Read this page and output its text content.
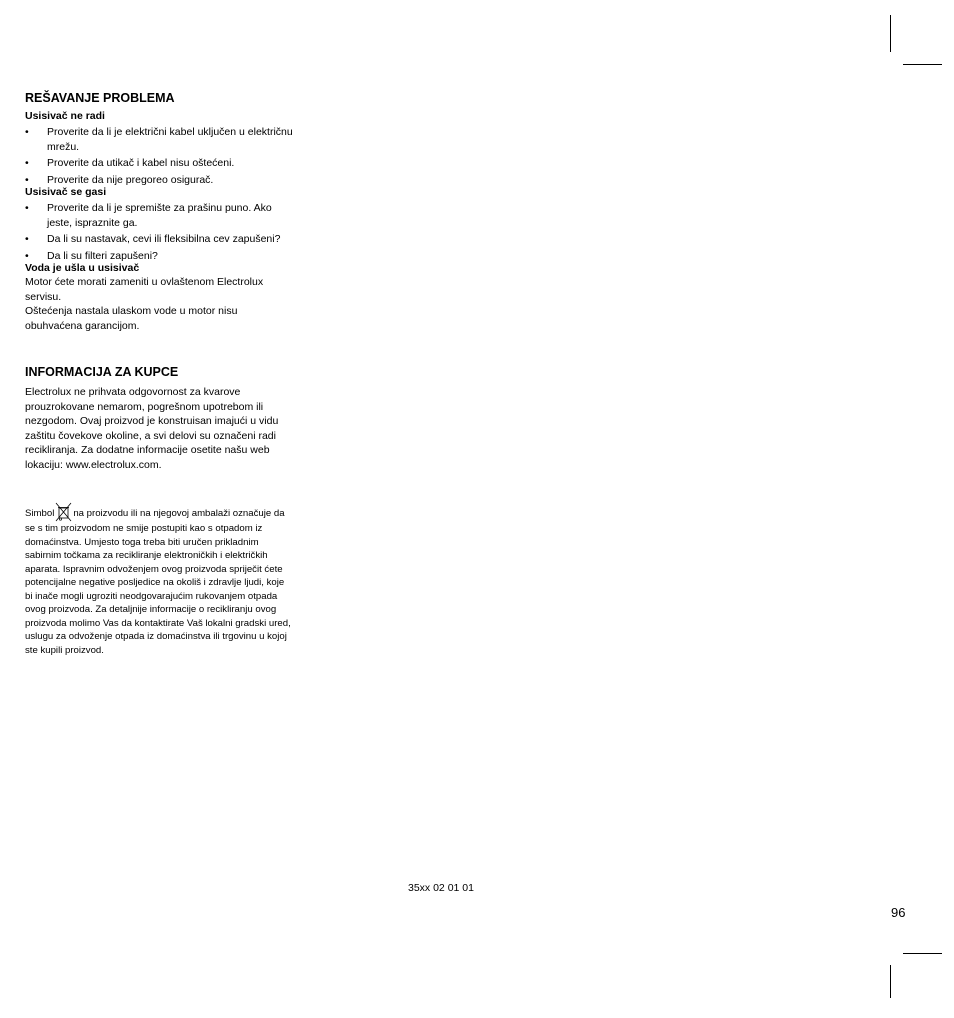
REŠAVANJE PROBLEMA
Usisivač ne radi
• Proverite da li je električni kabel uključen u električnu mrežu.
• Proverite da utikač i kabel nisu oštećeni.
• Proverite da nije pregoreo osigurač.
Usisivač se gasi
• Proverite da li je spremište za prašinu puno. Ako jeste, ispraznite ga.
• Da li su nastavak, cevi ili fleksibilna cev zapušeni?
• Da li su filteri zapušeni?
Voda je ušla u usisivač

Motor ćete morati zameniti u ovlaštenom Electrolux servisu.

Oštećenja nastala ulaskom vode u motor nisu obuhvaćena garancijom.

INFORMACIJA ZA KUPCE

Electrolux ne prihvata odgovornost za kvarove prouzrokovane nemarom, pogrešnom upotrebom ili nezgodom. Ovaj proizvod je konstruisan imajući u vidu zaštitu čovekove okoline, a svi delovi su označeni radi recikliranja. Za dodatne informacije osetite našu web lokaciju: www.electrolux.com.

Simbol na proizvodu ili na njegovoj ambalaži označuje da se s tim proizvodom ne smije postupiti kao s otpadom iz domaćinstva. Umjesto toga treba biti uručen prikladnim sabirnim točkama za recikliranje elektroničkih i električkih aparata. Ispravnim odvoženjem ovog proizvoda spriječit ćete potencijalne negative posljedice na okoliš i zdravlje ljudi, koje bi inače mogli ugroziti neodgovarajućim rukovanjem otpada ovog proizvoda. Za detaljnije informacije o recikliranju ovog proizvoda molimo Vas da kontaktirate Vaš lokalni gradski ured, uslugu za odvoženje otpada iz domaćinstva ili trgovinu u kojoj ste kupili proizvod.
35xx 02 01 01
96
